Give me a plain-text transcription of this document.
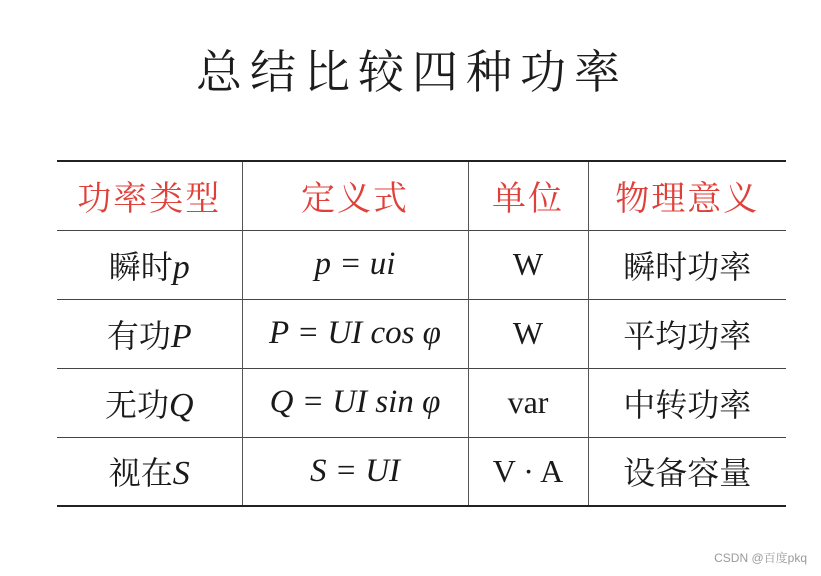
总结比较四种功率
功率类型	定义式	单位	物理意义
瞬时p	p = ui	W	瞬时功率
有功P	P = UI cos φ	W	平均功率
无功Q	Q = UI sin φ	var	中转功率
视在S	S = UI	V · A	设备容量
CSDN @百度pkq
